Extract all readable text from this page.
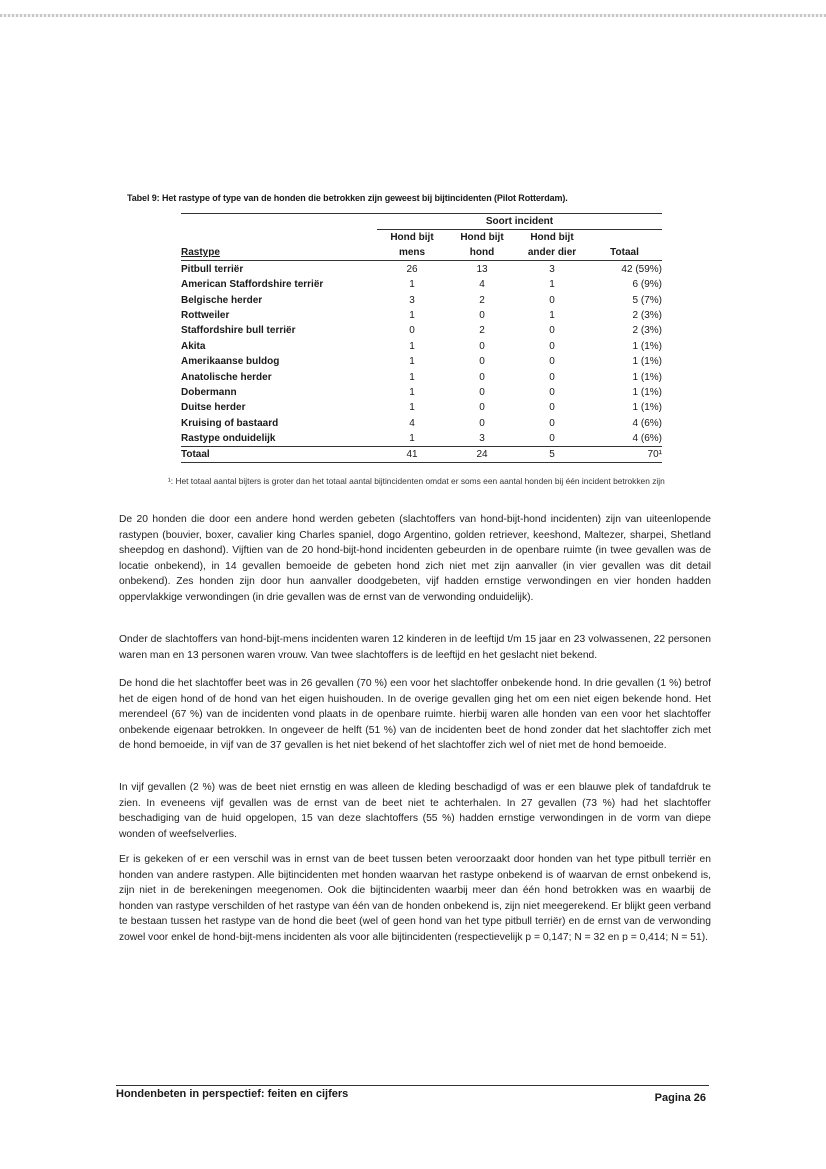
Tabel 9: Het rastype of type van de honden die betrokken zijn geweest bij bijtincidenten (Pilot Rotterdam).
	Soort incident			
Rastype	Hond bijt mens	Hond bijt hond	Hond bijt ander dier	Totaal
Pitbull terriër	26	13	3	42 (59%)
American Staffordshire terriër	1	4	1	6 (9%)
Belgische herder	3	2	0	5 (7%)
Rottweiler	1	0	1	2 (3%)
Staffordshire bull terriër	0	2	0	2 (3%)
Akita	1	0	0	1 (1%)
Amerikaanse buldog	1	0	0	1 (1%)
Anatolische herder	1	0	0	1 (1%)
Dobermann	1	0	0	1 (1%)
Duitse herder	1	0	0	1 (1%)
Kruising of bastaard	4	0	0	4 (6%)
Rastype onduidelijk	1	3	0	4 (6%)
Totaal	41	24	5	70¹
¹: Het totaal aantal bijters is groter dan het totaal aantal bijtincidenten omdat er soms een aantal honden bij één incident betrokken zijn

De 20 honden die door een andere hond werden gebeten (slachtoffers van hond-bijt-hond incidenten) zijn van uiteenlopende rastypen (bouvier, boxer, cavalier king Charles spaniel, dogo Argentino, golden retriever, keeshond, Maltezer, sharpei, Shetland sheepdog en dashond). Vijftien van de 20 hond-bijt-hond incidenten gebeurden in de openbare ruimte (in twee gevallen was de locatie onbekend), in 14 gevallen bemoeide de gebeten hond zich niet met zijn aanvaller (in vier gevallen was dit detail onbekend). Zes honden zijn door hun aanvaller doodgebeten, vijf hadden ernstige verwondingen en vier honden hadden oppervlakkige verwondingen (in drie gevallen was de ernst van de verwonding onduidelijk).

Onder de slachtoffers van hond-bijt-mens incidenten waren 12 kinderen in de leeftijd t/m 15 jaar en 23 volwassenen, 22 personen waren man en 13 personen waren vrouw. Van twee slachtoffers is de leeftijd en het geslacht niet bekend.

De hond die het slachtoffer beet was in 26 gevallen (70 %) een voor het slachtoffer onbekende hond. In drie gevallen (1 %) betrof het de eigen hond of de hond van het eigen huishouden. In de overige gevallen ging het om een niet eigen bekende hond. Het merendeel (67 %) van de incidenten vond plaats in de openbare ruimte. hierbij waren alle honden van een voor het slachtoffer onbekende eigenaar betrokken. In ongeveer de helft (51 %) van de incidenten beet de hond zonder dat het slachtoffer zich met de hond bemoeide, in vijf van de 37 gevallen is het niet bekend of het slachtoffer zich wel of niet met de hond bemoeide.

In vijf gevallen (2 %) was de beet niet ernstig en was alleen de kleding beschadigd of was er een blauwe plek of tandafdruk te zien. In eveneens vijf gevallen was de ernst van de beet niet te achterhalen. In 27 gevallen (73 %) had het slachtoffer beschadiging van de huid opgelopen, 15 van deze slachtoffers (55 %) hadden ernstige verwondingen in de vorm van diepe wonden of weefselverlies.

Er is gekeken of er een verschil was in ernst van de beet tussen beten veroorzaakt door honden van het type pitbull terriër en honden van andere rastypen. Alle bijtincidenten met honden waarvan het rastype onbekend is of waarvan de ernst onbekend is, zijn niet in de berekeningen meegenomen. Ook die bijtincidenten waarbij meer dan één hond betrokken was en waarbij de honden van rastype verschilden of het rastype van één van de honden onbekend is, zijn niet meegerekend. Er blijkt geen verband te bestaan tussen het rastype van de hond die beet (wel of geen hond van het type pitbull terriër) en de ernst van de verwonding zowel voor enkel de hond-bijt-mens incidenten als voor alle bijtincidenten (respectievelijk p = 0,147; N = 32 en p = 0,414; N = 51).

Hondenbeten in perspectief: feiten en cijfers	Pagina 26
